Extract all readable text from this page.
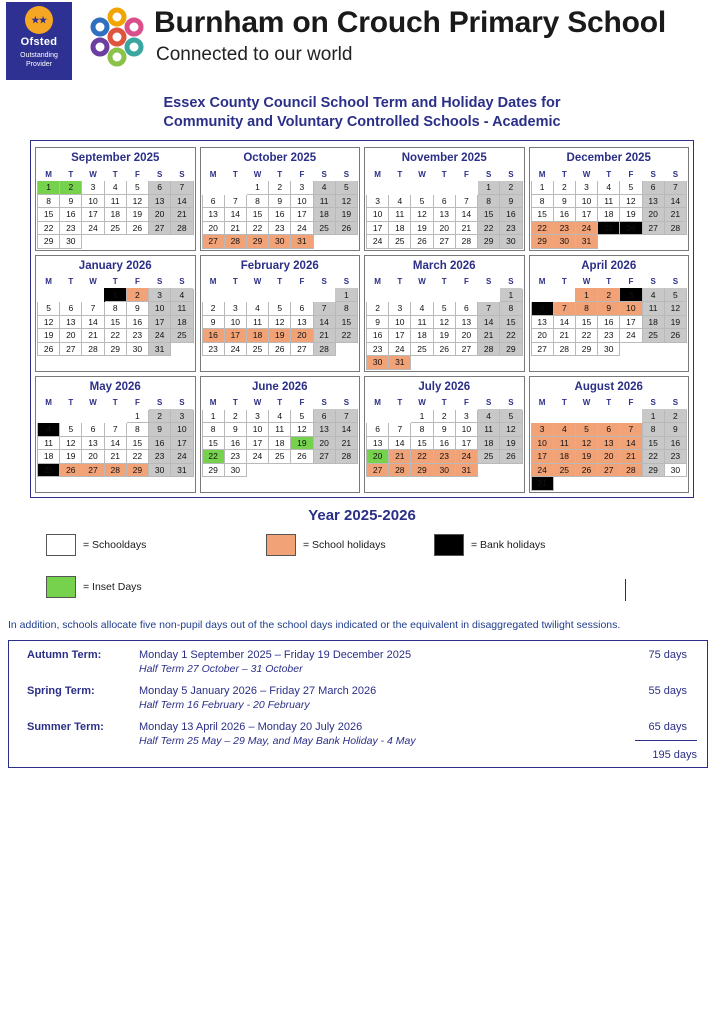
★★
Ofsted
Outstanding
Provider
Burnham on Crouch Primary School
Connected to our world
Essex County Council School Term and Holiday Dates for
Community and Voluntary Controlled Schools - Academic
September 2025
M	T	W	T	F	S	S
1	2	3	4	5	6	7
8	9	10	11	12	13	14
15	16	17	18	19	20	21
22	23	24	25	26	27	28
29	30					
October 2025
M	T	W	T	F	S	S
		1	2	3	4	5
6	7	8	9	10	11	12
13	14	15	16	17	18	19
20	21	22	23	24	25	26
27	28	29	30	31		
November 2025
M	T	W	T	F	S	S
					1	2
3	4	5	6	7	8	9
10	11	12	13	14	15	16
17	18	19	20	21	22	23
24	25	26	27	28	29	30
December 2025
M	T	W	T	F	S	S
1	2	3	4	5	6	7
8	9	10	11	12	13	14
15	16	17	18	19	20	21
22	23	24	25	26	27	28
29	30	31				
January 2026
M	T	W	T	F	S	S
			1	2	3	4
5	6	7	8	9	10	11
12	13	14	15	16	17	18
19	20	21	22	23	24	25
26	27	28	29	30	31	
February 2026
M	T	W	T	F	S	S
						1
2	3	4	5	6	7	8
9	10	11	12	13	14	15
16	17	18	19	20	21	22
23	24	25	26	27	28	
March 2026
M	T	W	T	F	S	S
						1
2	3	4	5	6	7	8
9	10	11	12	13	14	15
16	17	18	19	20	21	22
23	24	25	26	27	28	29
30	31					
April 2026
M	T	W	T	F	S	S
		1	2	3	4	5
6	7	8	9	10	11	12
13	14	15	16	17	18	19
20	21	22	23	24	25	26
27	28	29	30			
May 2026
M	T	W	T	F	S	S
				1	2	3
4	5	6	7	8	9	10
11	12	13	14	15	16	17
18	19	20	21	22	23	24
25	26	27	28	29	30	31
June 2026
M	T	W	T	F	S	S
1	2	3	4	5	6	7
8	9	10	11	12	13	14
15	16	17	18	19	20	21
22	23	24	25	26	27	28
29	30					
July 2026
M	T	W	T	F	S	S
		1	2	3	4	5
6	7	8	9	10	11	12
13	14	15	16	17	18	19
20	21	22	23	24	25	26
27	28	29	30	31		
August 2026
M	T	W	T	F	S	S
					1	2
3	4	5	6	7	8	9
10	11	12	13	14	15	16
17	18	19	20	21	22	23
24	25	26	27	28	29	30
31						
Year 2025-2026
= Schooldays	= School holidays	= Bank holidays
= Inset Days
In addition, schools allocate five non-pupil days out of the school days indicated or the equivalent in disaggregated twilight sessions.
Autumn Term:	Monday 1 September 2025 – Friday 19 December 2025
Half Term 27 October – 31 October
75 days
Spring Term:	Monday 5 January 2026 – Friday 27 March 2026
Half Term 16 February - 20 February
55 days
Summer Term:	Monday 13 April 2026 – Monday 20 July 2026
Half Term 25 May – 29 May, and May Bank Holiday - 4 May
65 days
195 days
